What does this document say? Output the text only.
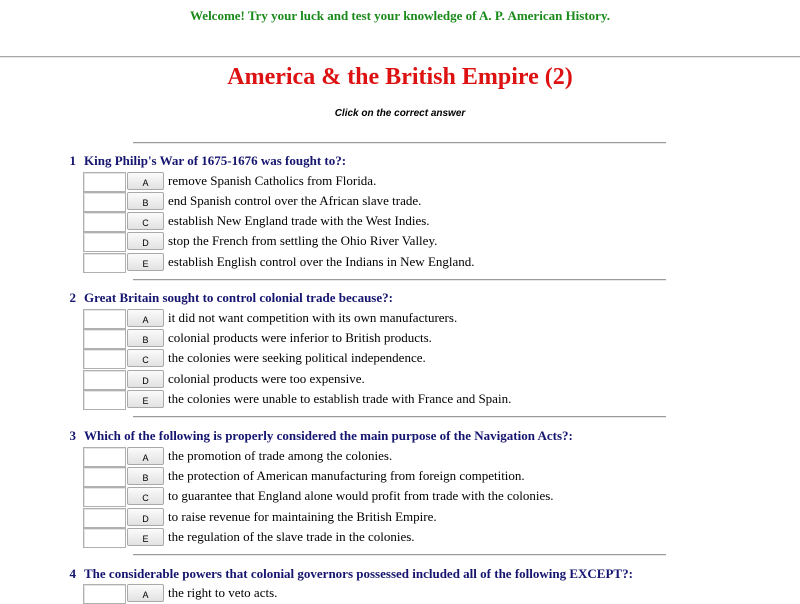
Welcome! Try your luck and test your knowledge of A. P. American History.
America & the British Empire (2)
Click on the correct answer
1 King Philip's War of 1675-1676 was fought to?:
A	remove Spanish Catholics from Florida.
B	end Spanish control over the African slave trade.
C	establish New England trade with the West Indies.
D	stop the French from settling the Ohio River Valley.
E	establish English control over the Indians in New England.
2 Great Britain sought to control colonial trade because?:
A	it did not want competition with its own manufacturers.
B	colonial products were inferior to British products.
C	the colonies were seeking political independence.
D	colonial products were too expensive.
E	the colonies were unable to establish trade with France and Spain.
3 Which of the following is properly considered the main purpose of the Navigation Acts?:
A	the promotion of trade among the colonies.
B	the protection of American manufacturing from foreign competition.
C	to guarantee that England alone would profit from trade with the colonies.
D	to raise revenue for maintaining the British Empire.
E	the regulation of the slave trade in the colonies.
4 The considerable powers that colonial governors possessed included all of the following EXCEPT?:
A	the right to veto acts.
